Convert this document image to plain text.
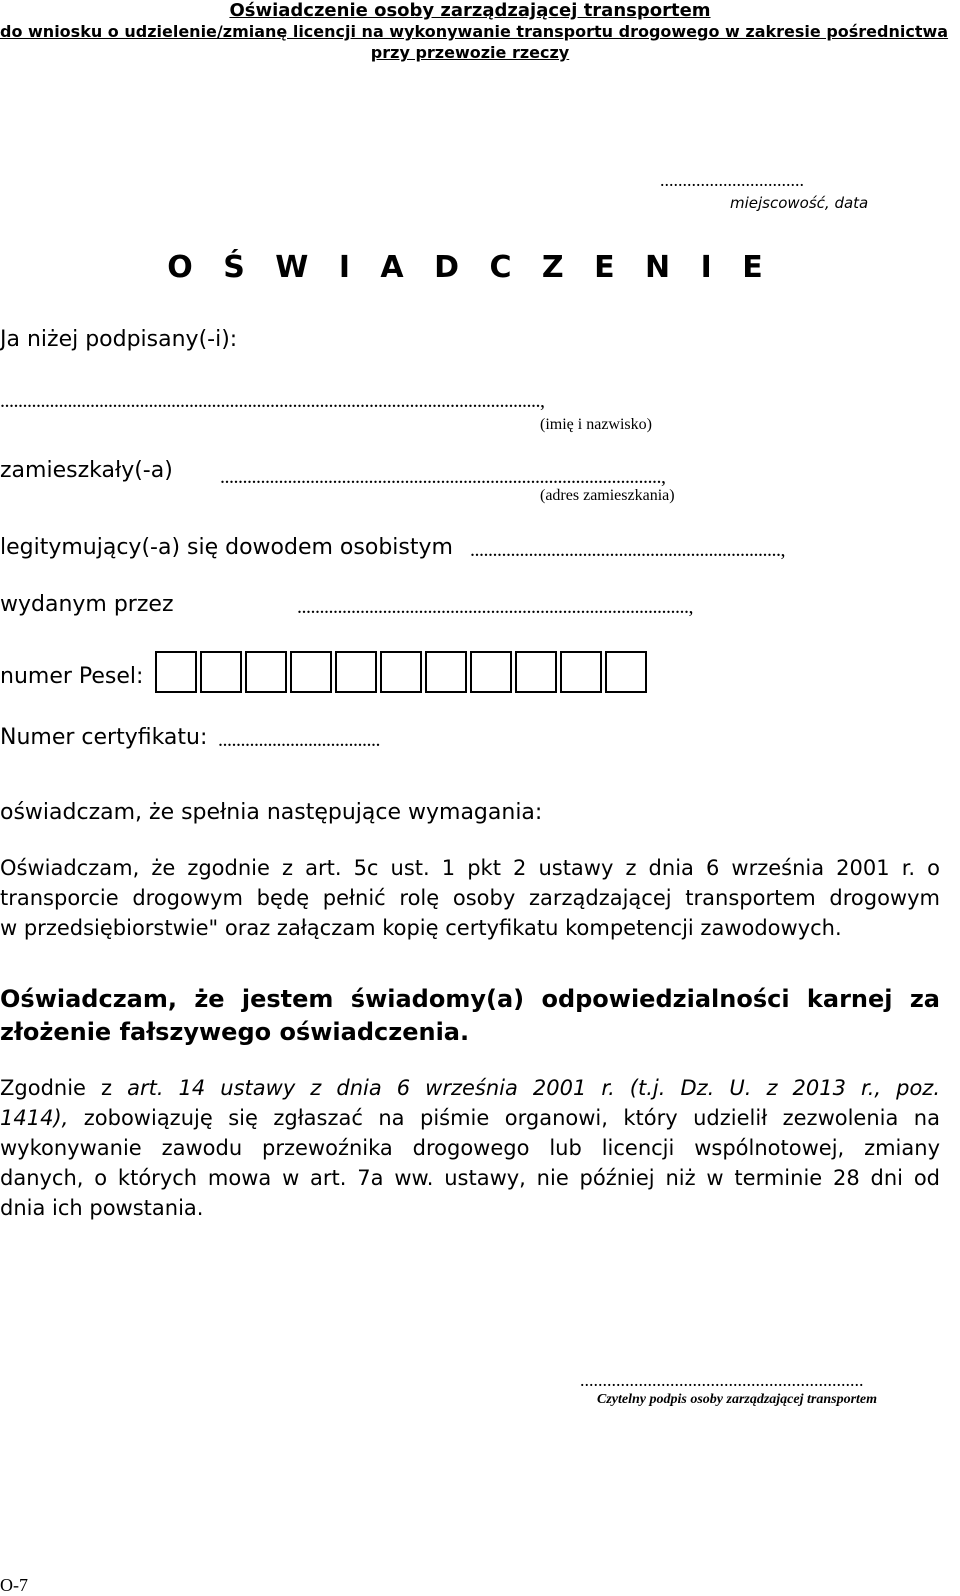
Oświadczenie osoby zarządzającej transportem
do wniosku o udzielenie/zmianę licencji na wykonywanie transportu drogowego w zakresie pośrednictwa
przy przewozie rzeczy
................................
miejscowość, data
O Ś W I A D C Z E N I E
Ja niżej podpisany(-i):
........................................................................................................................,
(imię i nazwisko)
zamieszkały(-a) ..................................................................................................,
(adres zamieszkania)
legitymujący(-a) się dowodem osobistym .....................................................................,
wydanym przez	.......................................................................................,
numer Pesel:
Numer certyfikatu: ....................................
oświadczam, że spełnia następujące wymagania:
Oświadczam, że zgodnie z art. 5c ust. 1 pkt 2 ustawy z dnia 6 września 2001 r. o
transporcie drogowym będę pełnić rolę osoby zarządzającej transportem drogowym
w przedsiębiorstwie" oraz załączam kopię certyfikatu kompetencji zawodowych.
Oświadczam, że jestem świadomy(a) odpowiedzialności karnej za
złożenie fałszywego oświadczenia.
Zgodnie z art. 14 ustawy z dnia 6 września 2001 r. (t.j. Dz. U. z 2013 r., poz.
1414), zobowiązuję się zgłaszać na piśmie organowi, który udzielił zezwolenia na
wykonywanie zawodu przewoźnika drogowego lub licencji wspólnotowej, zmiany
danych, o których mowa w art. 7a ww. ustawy, nie później niż w terminie 28 dni od
dnia ich powstania.
...............................................................
Czytelny podpis osoby zarządzającej transportem
O-7
